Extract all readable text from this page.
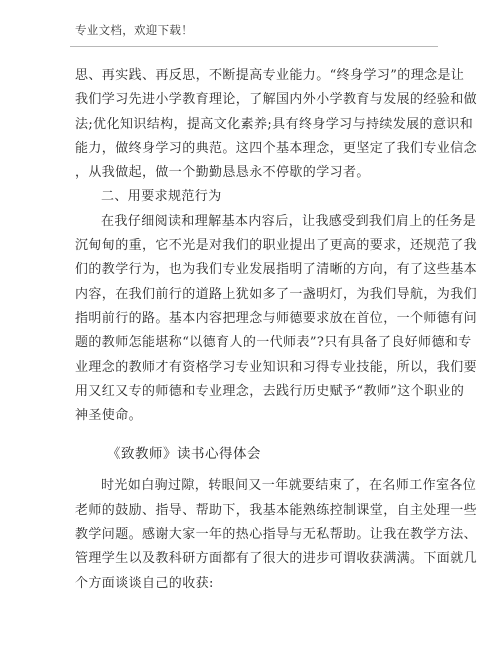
专业文档，欢迎下载！
思、再实践、再反思，不断提高专业能力。“终身学习”的理念是让
我们学习先进小学教育理论，了解国内外小学教育与发展的经验和做
法;优化知识结构，提高文化素养;具有终身学习与持续发展的意识和
能力，做终身学习的典范。这四个基本理念，更坚定了我们专业信念
，从我做起，做一个勤勤恳恳永不停歇的学习者。
二、用要求规范行为
在我仔细阅读和理解基本内容后，让我感受到我们肩上的任务是
沉甸甸的重，它不光是对我们的职业提出了更高的要求，还规范了我
们的教学行为，也为我们专业发展指明了清晰的方向，有了这些基本
内容，在我们前行的道路上犹如多了一盏明灯，为我们导航，为我们
指明前行的路。基本内容把理念与师德要求放在首位，一个师德有问
题的教师怎能堪称“以德育人的一代师表”?只有具备了良好师德和专
业理念的教师才有资格学习专业知识和习得专业技能，所以，我们要
用又红又专的师德和专业理念，去践行历史赋予“教师”这个职业的
神圣使命。
《致教师》读书心得体会
时光如白驹过隙，转眼间又一年就要结束了，在名师工作室各位
老师的鼓励、指导、帮助下，我基本能熟练控制课堂，自主处理一些
教学问题。感谢大家一年的热心指导与无私帮助。让我在教学方法、
管理学生以及教科研方面都有了很大的进步可谓收获满满。下面就几
个方面谈谈自己的收获:
